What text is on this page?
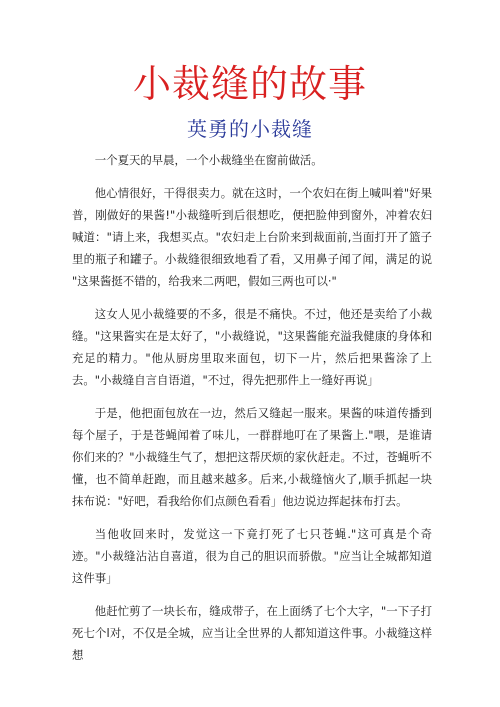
小裁缝的故事
英勇的小裁缝

一个夏天的早晨，一个小裁缝坐在窗前做活。

他心情很好，干得很卖力。就在这时，一个农妇在街上喊叫着"好果普，刚做好的果酱!"小裁缝听到后很想吃，便把脸伸到窗外，冲着农妇喊道："请上来，我想买点。"农妇走上台阶来到裁面前,当面打开了篮子里的瓶子和罐子。小裁缝很细致地看了看，又用鼻子闻了闻，满足的说 "这果酱挺不错的，给我来二两吧，假如三两也可以·"

这女人见小裁缝要的不多，很是不痛快。不过，他还是卖给了小裁缝。"这果酱实在是太好了，"小裁缝说，"这果酱能充溢我健康的身体和充足的精力。"他从厨房里取来面包，切下一片，然后把果酱涂了上去。"小裁缝自言自语道，"不过，得先把那件上一缝好再说」

于是，他把面包放在一边，然后又缝起一服来。果酱的味道传播到每个屋子，于是苍蝇闻着了味儿，一群群地叮在了果酱上."喂，是谁请你们来的？"小裁缝生气了，想把这帮厌烦的家伙赶走。不过，苍蝇听不懂，也不简单赶跑，而且越来越多。后来,小裁缝恼火了,顺手抓起一块抹布说："好吧，看我给你们点颜色看看」他边说边挥起抹布打去。

当他收回来时，发觉这一下竟打死了七只苍蝇."这可真是个奇迹。"小裁缝沾沾自喜道，很为自己的胆识而骄傲。"应当让全城都知道这件事」

他赶忙剪了一块长布，缝成带子，在上面绣了七个大字，"一下子打死七个l对，不仅是全城，应当让全世界的人都知道这件事。小裁缝这样想
